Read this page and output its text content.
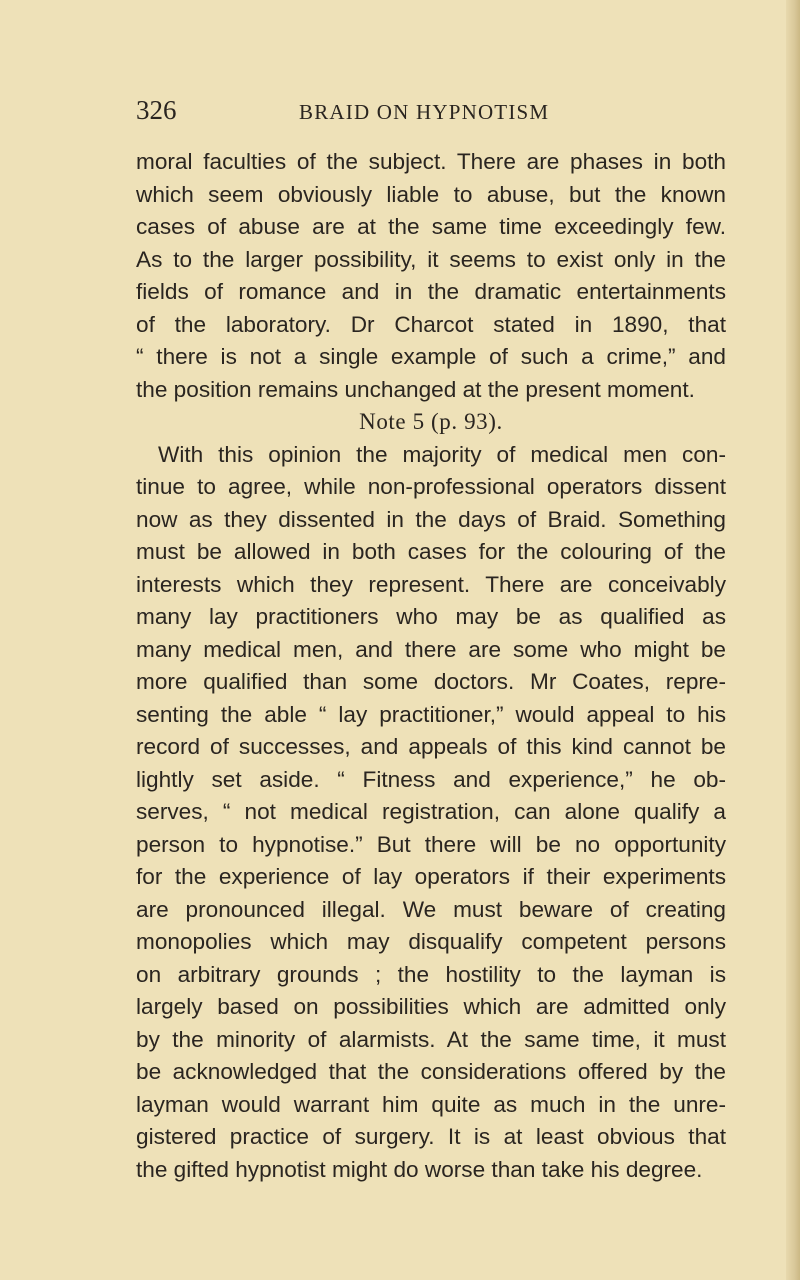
326	BRAID ON HYPNOTISM
moral faculties of the subject. There are phases in both
which seem obviously liable to abuse, but the known
cases of abuse are at the same time exceedingly few.
As to the larger possibility, it seems to exist only in the
fields of romance and in the dramatic entertainments
of the laboratory. Dr Charcot stated in 1890, that
“ there is not a single example of such a crime,” and
the position remains unchanged at the present moment.
Note 5 (p. 93).
With this opinion the majority of medical men con-
tinue to agree, while non-professional operators dissent
now as they dissented in the days of Braid. Something
must be allowed in both cases for the colouring of the
interests which they represent. There are conceivably
many lay practitioners who may be as qualified as
many medical men, and there are some who might be
more qualified than some doctors. Mr Coates, repre-
senting the able “ lay practitioner,” would appeal to his
record of successes, and appeals of this kind cannot be
lightly set aside. “ Fitness and experience,” he ob-
serves, “ not medical registration, can alone qualify a
person to hypnotise.” But there will be no opportunity
for the experience of lay operators if their experiments
are pronounced illegal. We must beware of creating
monopolies which may disqualify competent persons
on arbitrary grounds ; the hostility to the layman is
largely based on possibilities which are admitted only
by the minority of alarmists. At the same time, it must
be acknowledged that the considerations offered by the
layman would warrant him quite as much in the unre-
gistered practice of surgery. It is at least obvious that
the gifted hypnotist might do worse than take his degree.
